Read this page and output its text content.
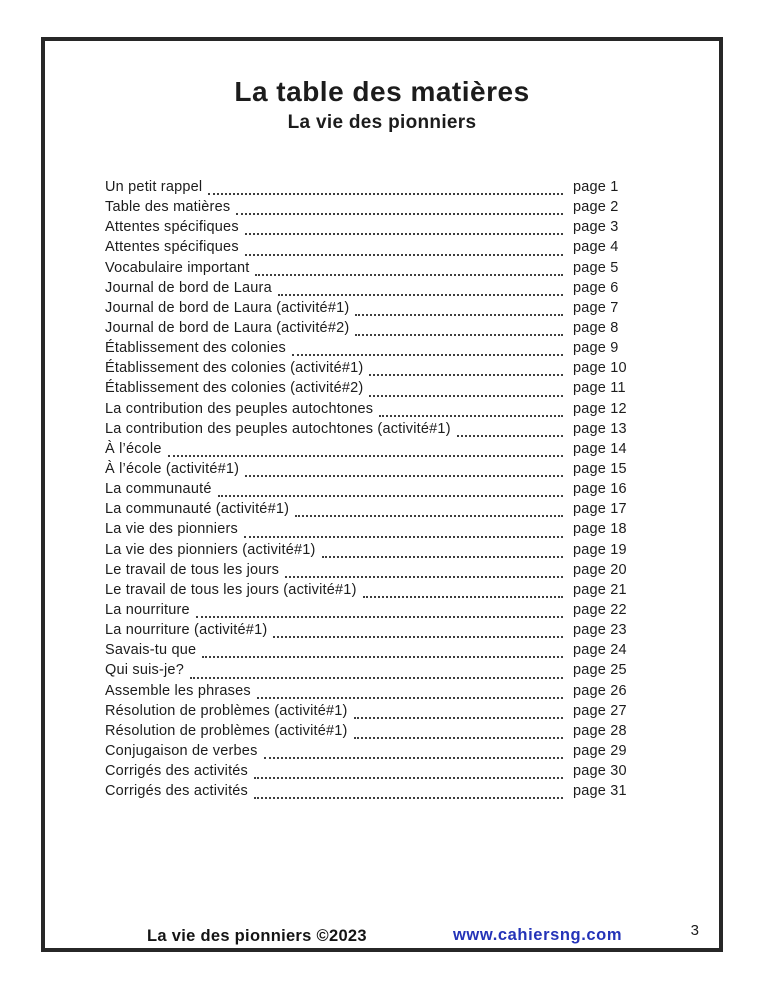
La table des matières
La vie des pionniers
Un petit rappel	page 1
Table des matières	page 2
Attentes spécifiques	page 3
Attentes spécifiques	page 4
Vocabulaire important	page 5
Journal de bord de Laura	page 6
Journal de bord de Laura (activité#1)	page 7
Journal de bord de Laura (activité#2)	page 8
Établissement des colonies	page 9
Établissement des colonies (activité#1)	page 10
Établissement des colonies (activité#2)	page 11
La contribution des peuples autochtones	page 12
La contribution des peuples autochtones (activité#1)	page 13
À l’école	page 14
À l’école (activité#1)	page 15
La communauté	page 16
La communauté (activité#1)	page 17
La vie des pionniers	page 18
La vie des pionniers (activité#1)	page 19
Le travail de tous les jours	page 20
Le travail de tous les jours (activité#1)	page 21
La nourriture	page 22
La nourriture (activité#1)	page 23
Savais-tu que	page 24
Qui suis-je?	page 25
Assemble les phrases	page 26
Résolution de problèmes (activité#1)	page 27
Résolution de problèmes (activité#1)	page 28
Conjugaison de verbes	page 29
Corrigés des activités	page 30
Corrigés des activités	page 31
La vie des pionniers ©2023	www.cahiersng.com	3
